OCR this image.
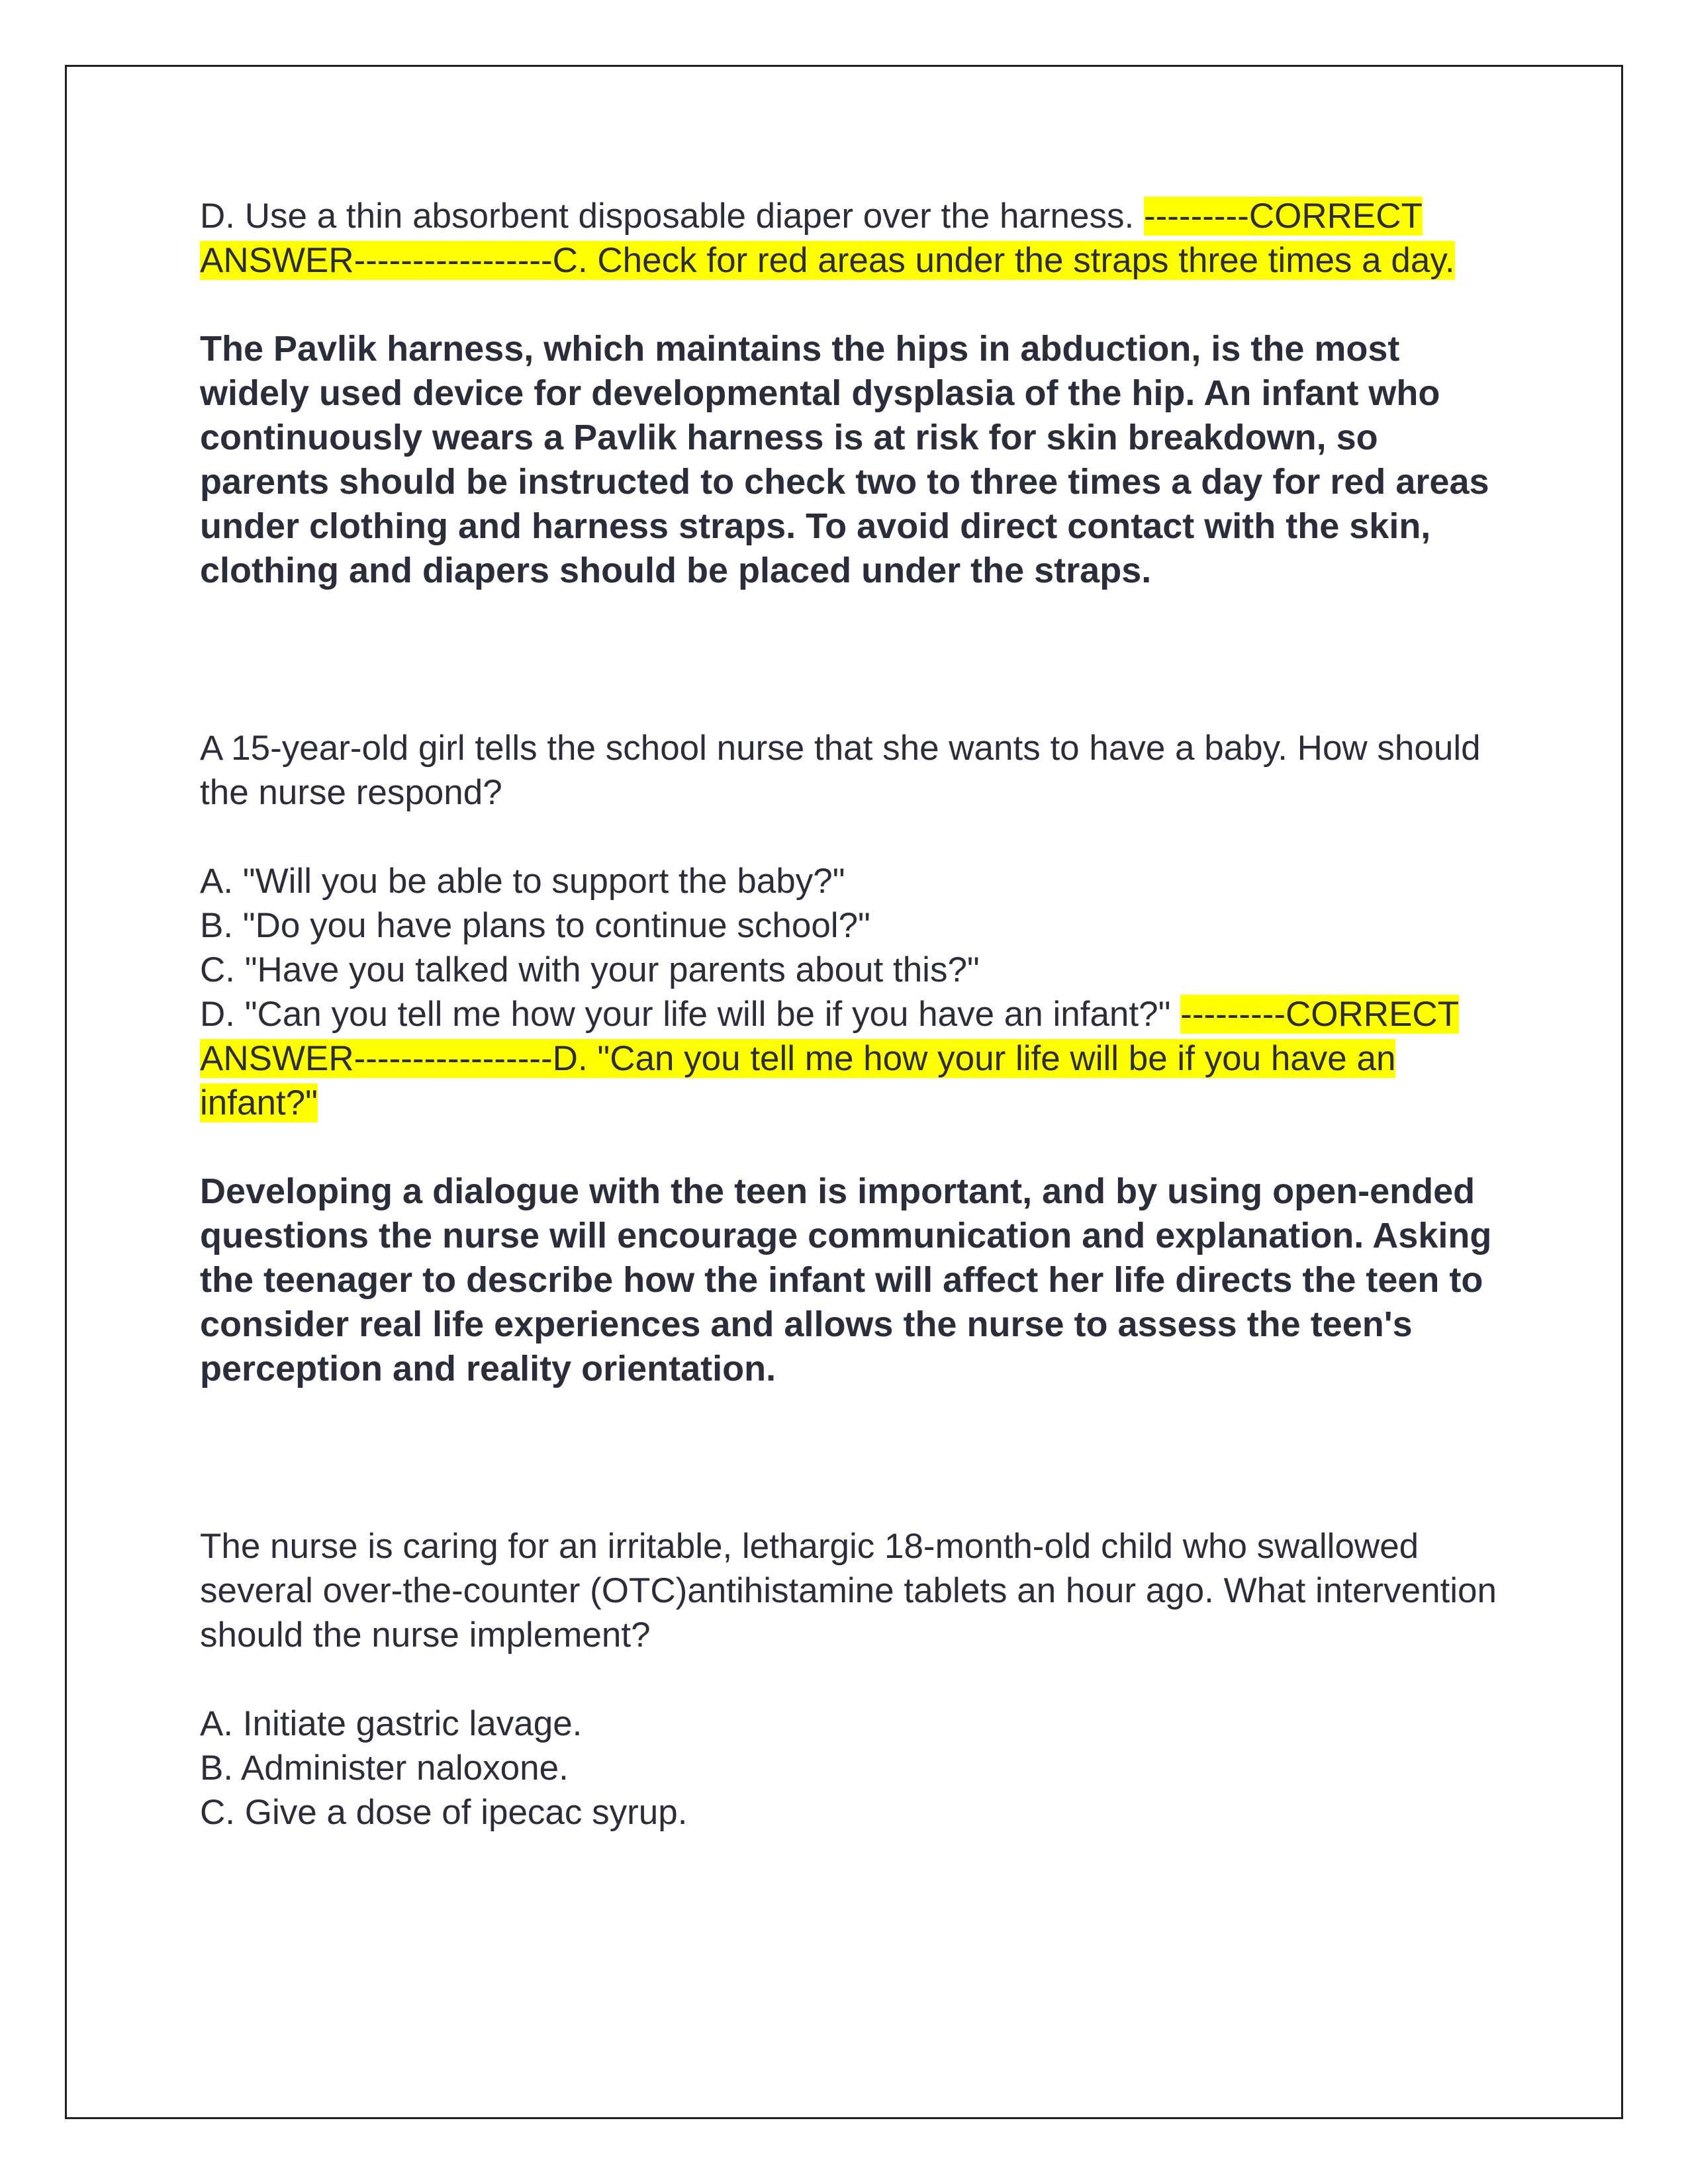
D. Use a thin absorbent disposable diaper over the harness. ---------CORRECT ANSWER-----------------C. Check for red areas under the straps three times a day.

The Pavlik harness, which maintains the hips in abduction, is the most widely used device for developmental dysplasia of the hip. An infant who continuously wears a Pavlik harness is at risk for skin breakdown, so parents should be instructed to check two to three times a day for red areas under clothing and harness straps. To avoid direct contact with the skin, clothing and diapers should be placed under the straps.

A 15-year-old girl tells the school nurse that she wants to have a baby. How should the nurse respond?

A. "Will you be able to support the baby?"

B. "Do you have plans to continue school?"

C. "Have you talked with your parents about this?"

D. "Can you tell me how your life will be if you have an infant?" ---------CORRECT ANSWER-----------------D. "Can you tell me how your life will be if you have an infant?"

Developing a dialogue with the teen is important, and by using open-ended questions the nurse will encourage communication and explanation. Asking the teenager to describe how the infant will affect her life directs the teen to consider real life experiences and allows the nurse to assess the teen's perception and reality orientation.

The nurse is caring for an irritable, lethargic 18-month-old child who swallowed several over-the-counter (OTC)antihistamine tablets an hour ago. What intervention should the nurse implement?

A. Initiate gastric lavage.

B. Administer naloxone.

C. Give a dose of ipecac syrup.
